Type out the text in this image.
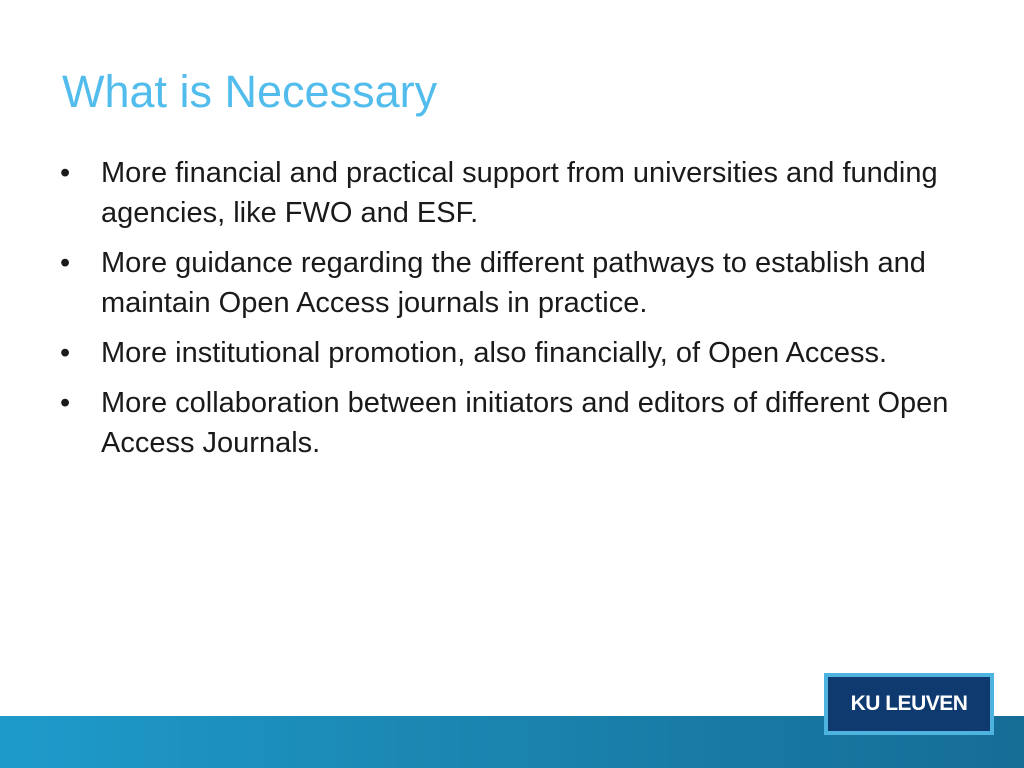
What is Necessary
•	More financial and practical support from universities and funding agencies, like FWO and ESF.
•	More guidance regarding the different pathways to establish and maintain Open Access journals in practice.
•	More institutional promotion, also financially, of Open Access.
•	More collaboration between initiators and editors of different Open Access Journals.
KU LEUVEN
